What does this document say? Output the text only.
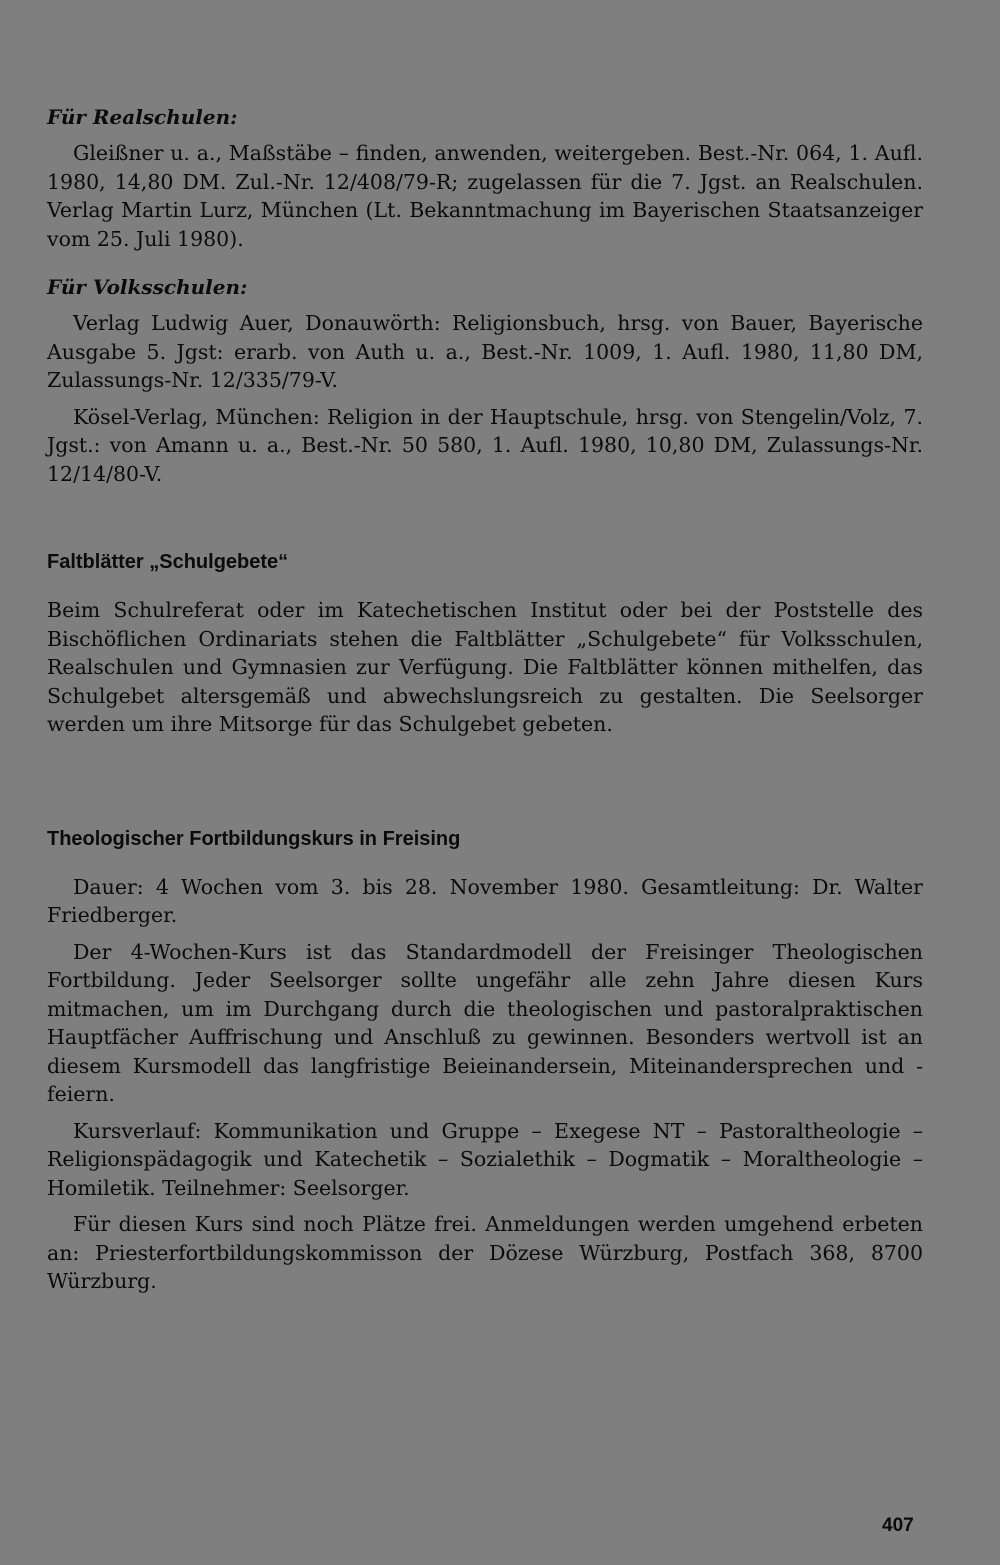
Für Realschulen:

Gleißner u. a., Maßstäbe – finden, anwenden, weitergeben. Best.-Nr. 064, 1. Aufl. 1980, 14,80 DM. Zul.-Nr. 12/408/79-R; zugelassen für die 7. Jgst. an Realschulen. Verlag Martin Lurz, München (Lt. Bekanntmachung im Bayerischen Staatsanzeiger vom 25. Juli 1980).

Für Volksschulen:

Verlag Ludwig Auer, Donauwörth: Religionsbuch, hrsg. von Bauer, Bayerische Ausgabe 5. Jgst: erarb. von Auth u. a., Best.-Nr. 1009, 1. Aufl. 1980, 11,80 DM, Zulassungs-Nr. 12/335/79-V.

Kösel-Verlag, München: Religion in der Hauptschule, hrsg. von Stengelin/Volz, 7. Jgst.: von Amann u. a., Best.-Nr. 50 580, 1. Aufl. 1980, 10,80 DM, Zulassungs-Nr. 12/14/80-V.

Faltblätter „Schulgebete“

Beim Schulreferat oder im Katechetischen Institut oder bei der Poststelle des Bischöflichen Ordinariats stehen die Faltblätter „Schulgebete“ für Volksschulen, Realschulen und Gymnasien zur Verfügung. Die Faltblätter können mithelfen, das Schulgebet altersgemäß und abwechslungsreich zu gestalten. Die Seelsorger werden um ihre Mitsorge für das Schulgebet gebeten.

Theologischer Fortbildungskurs in Freising

Dauer: 4 Wochen vom 3. bis 28. November 1980. Gesamtleitung: Dr. Walter Friedberger.

Der 4-Wochen-Kurs ist das Standardmodell der Freisinger Theologischen Fortbildung. Jeder Seelsorger sollte ungefähr alle zehn Jahre diesen Kurs mitmachen, um im Durchgang durch die theologischen und pastoralpraktischen Hauptfächer Auffrischung und Anschluß zu gewinnen. Besonders wertvoll ist an diesem Kursmodell das langfristige Beieinandersein, Miteinandersprechen und -feiern.

Kursverlauf: Kommunikation und Gruppe – Exegese NT – Pastoraltheologie – Religionspädagogik und Katechetik – Sozialethik – Dogmatik – Moraltheologie – Homiletik. Teilnehmer: Seelsorger.

Für diesen Kurs sind noch Plätze frei. Anmeldungen werden umgehend erbeten an: Priesterfortbildungskommisson der Dözese Würzburg, Postfach 368, 8700 Würzburg.

407
